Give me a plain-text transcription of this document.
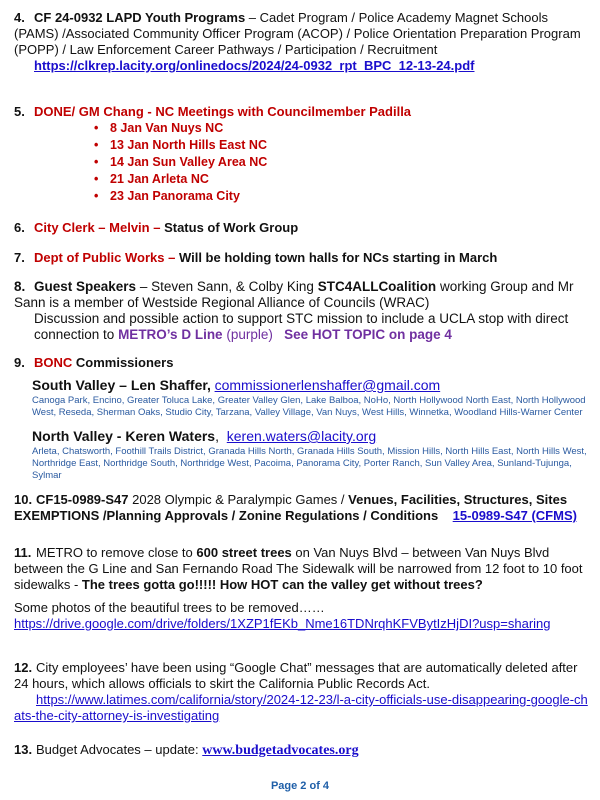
4. CF 24-0932 LAPD Youth Programs – Cadet Program / Police Academy Magnet Schools (PAMS) /Associated Community Officer Program (ACOP) / Police Orientation Preparation Program (POPP) / Law Enforcement Career Pathways / Participation / Recruitment
https://clkrep.lacity.org/onlinedocs/2024/24-0932_rpt_BPC_12-13-24.pdf
5. DONE/ GM Chang - NC Meetings with Councilmember Padilla
• 8 Jan Van Nuys NC
• 13 Jan North Hills East NC
• 14 Jan Sun Valley Area NC
• 21 Jan Arleta NC
• 23 Jan Panorama City
6. City Clerk – Melvin – Status of Work Group
7. Dept of Public Works – Will be holding town halls for NCs starting in March
8. Guest Speakers – Steven Sann, & Colby King STC4ALLCoalition working Group and Mr Sann is a member of Westside Regional Alliance of Councils (WRAC)
Discussion and possible action to support STC mission to include a UCLA stop with direct connection to METRO’s D Line (purple) See HOT TOPIC on page 4
9. BONC Commissioners
South Valley – Len Shaffer, commissionerlenshaffer@gmail.com
Canoga Park, Encino, Greater Toluca Lake, Greater Valley Glen, Lake Balboa, NoHo, North Hollywood North East, North Hollywood West, Reseda, Sherman Oaks, Studio City, Tarzana, Valley Village, Van Nuys, West Hills, Winnetka, Woodland Hills-Warner Center
North Valley - Keren Waters,  keren.waters@lacity.org
Arleta, Chatsworth, Foothill Trails District, Granada Hills North, Granada Hills South, Mission Hills, North Hills East, North Hills West, Northridge East, Northridge South, Northridge West, Pacoima, Panorama City, Porter Ranch, Sun Valley Area, Sunland-Tujunga, Sylmar
10. CF15-0989-S47 2028 Olympic & Paralympic Games / Venues, Facilities, Structures, Sites EXEMPTIONS /Planning Approvals / Zonine Regulations / Conditions 15-0989-S47 (CFMS)
11. METRO to remove close to 600 street trees on Van Nuys Blvd – between Van Nuys Blvd between the G Line and San Fernando Road The Sidewalk will be narrowed from 12 foot to 10 foot sidewalks - The trees gotta go!!!!! How HOT can the valley get without trees?
Some photos of the beautiful trees to be removed……
https://drive.google.com/drive/folders/1XZP1fEKb_Nme16TDNrqhKFVBytIzHjDI?usp=sharing
12. City employees’ have been using “Google Chat” messages that are automatically deleted after 24 hours, which allows officials to skirt the California Public Records Act.
https://www.latimes.com/california/story/2024-12-23/l-a-city-officials-use-disappearing-google-chats-the-city-attorney-is-investigating
13. Budget Advocates – update: www.budgetadvocates.org
Page 2 of 4
